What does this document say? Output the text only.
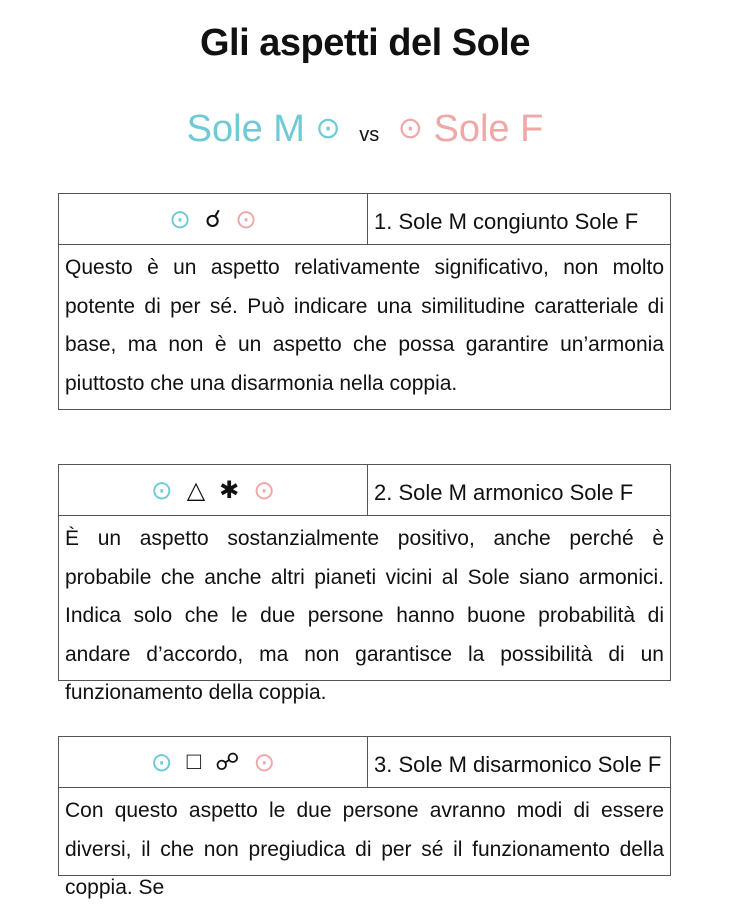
Gli aspetti del Sole
Sole M ⊙ vs ⊙ Sole F
⊙ ☌ ⊙	1. Sole M congiunto Sole F
Questo è un aspetto relativamente significativo, non molto potente di per sé. Può indicare una similitudine caratteriale di base, ma non è un aspetto che possa garantire un’armonia piuttosto che una disarmonia nella coppia.
⊙ △ ✱ ⊙	2. Sole M armonico Sole F
È un aspetto sostanzialmente positivo, anche perché è probabile che anche altri pianeti vicini al Sole siano armonici. Indica solo che le due persone hanno buone probabilità di andare d’accordo, ma non garantisce la possibilità di un funzionamento della coppia.
⊙ □ ☍ ⊙	3. Sole M disarmonico Sole F
Con questo aspetto le due persone avranno modi di essere diversi, il che non pregiudica di per sé il funzionamento della coppia. Se
